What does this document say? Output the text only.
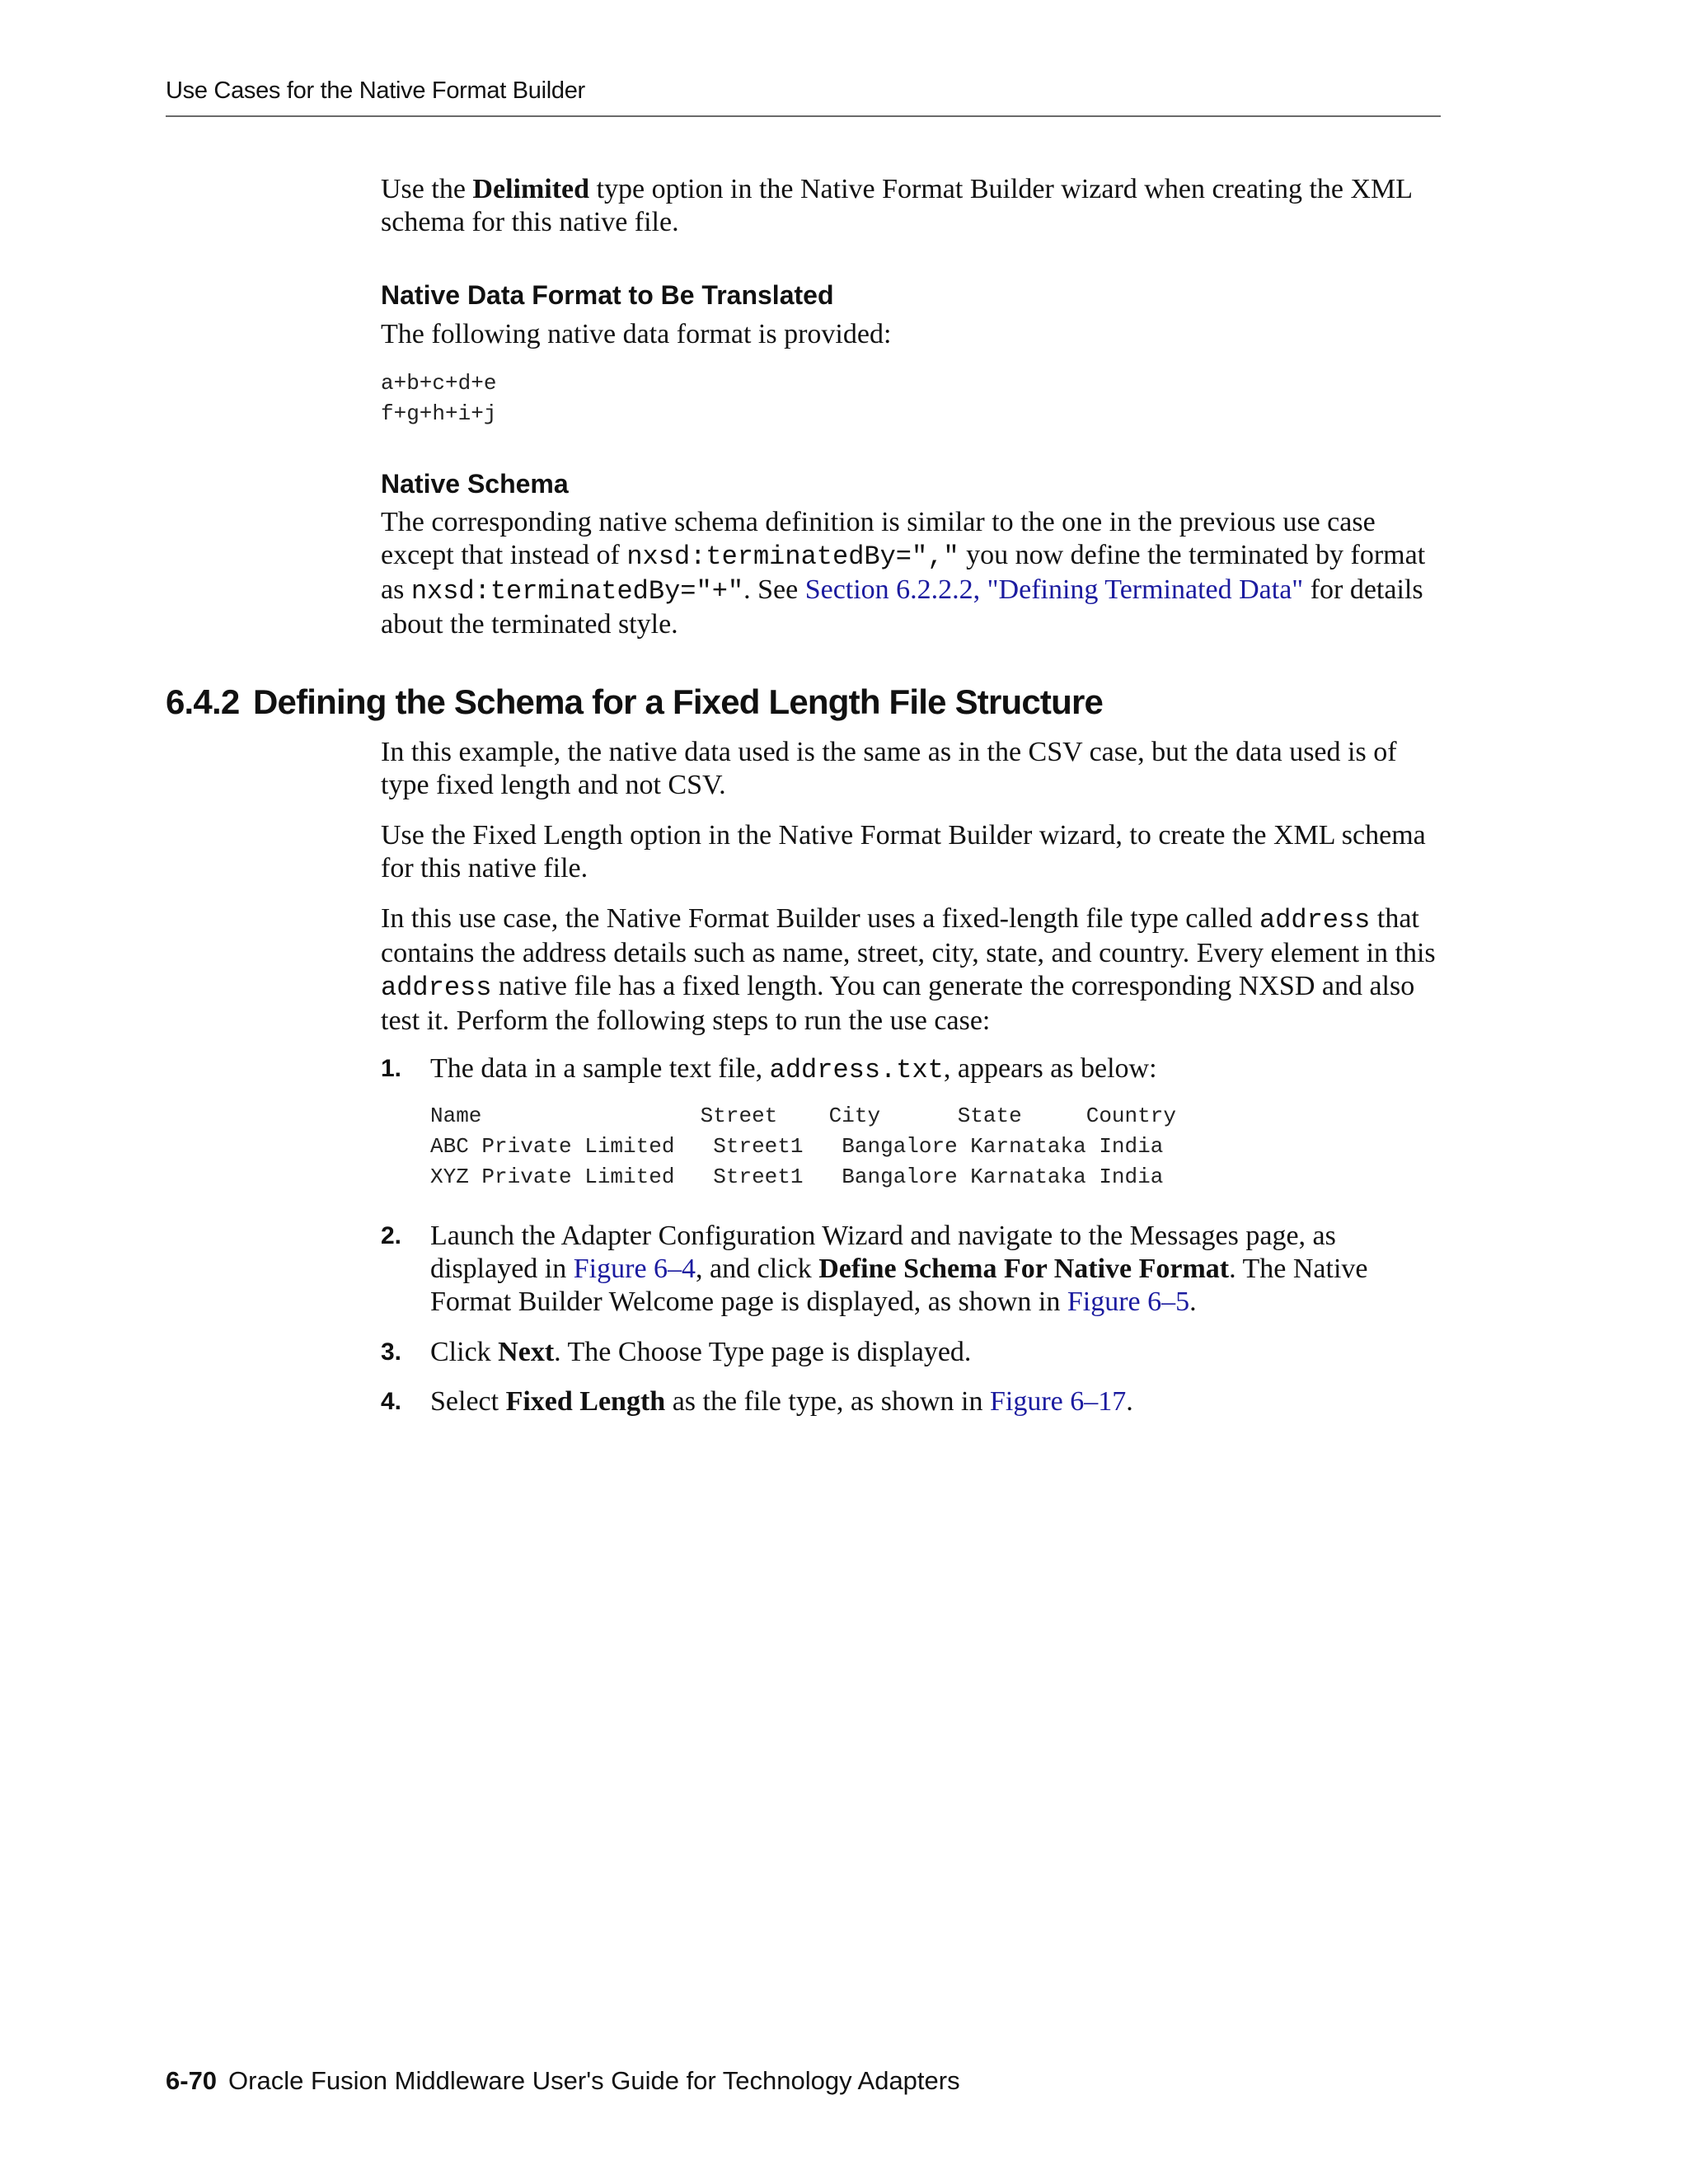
Use Cases for the Native Format Builder

Use the Delimited type option in the Native Format Builder wizard when creating the XML schema for this native file.

Native Data Format to Be Translated

The following native data format is provided:

a+b+c+d+e
f+g+h+i+j
Native Schema

The corresponding native schema definition is similar to the one in the previous use case except that instead of nxsd:terminatedBy="," you now define the terminated by format as nxsd:terminatedBy="+". See Section 6.2.2.2, "Defining Terminated Data" for details about the terminated style.

6.4.2 Defining the Schema for a Fixed Length File Structure

In this example, the native data used is the same as in the CSV case, but the data used is of type fixed length and not CSV.

Use the Fixed Length option in the Native Format Builder wizard, to create the XML schema for this native file.

In this use case, the Native Format Builder uses a fixed-length file type called address that contains the address details such as name, street, city, state, and country. Every element in this address native file has a fixed length. You can generate the corresponding NXSD and also test it. Perform the following steps to run the use case:

1. The data in a sample text file, address.txt, appears as below:

Name                 Street    City      State     Country
ABC Private Limited   Street1   Bangalore Karnataka India
XYZ Private Limited   Street1   Bangalore Karnataka India
2. Launch the Adapter Configuration Wizard and navigate to the Messages page, as displayed in Figure 6–4, and click Define Schema For Native Format. The Native Format Builder Welcome page is displayed, as shown in Figure 6–5.

3. Click Next. The Choose Type page is displayed.

4. Select Fixed Length as the file type, as shown in Figure 6–17.

6-70 Oracle Fusion Middleware User's Guide for Technology Adapters
